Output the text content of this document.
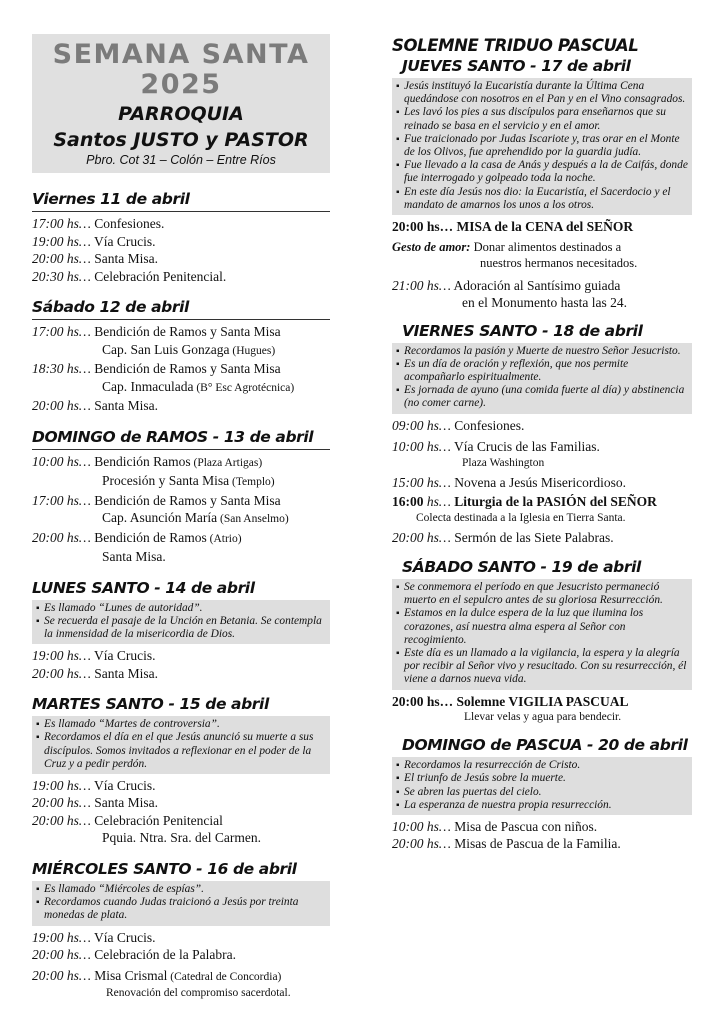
SEMANA SANTA
2025
PARROQUIA
Santos JUSTO y PASTOR
Pbro. Cot 31 – Colón – Entre Ríos
Viernes 11 de abril
17:00 hs… Confesiones.
19:00 hs… Vía Crucis.
20:00 hs… Santa Misa.
20:30 hs… Celebración Penitencial.
Sábado 12 de abril
17:00 hs… Bendición de Ramos y Santa Misa
Cap. San Luis Gonzaga (Hugues)
18:30 hs… Bendición de Ramos y Santa Misa
Cap. Inmaculada (B° Esc Agrotécnica)
20:00 hs… Santa Misa.
DOMINGO de RAMOS - 13 de abril
10:00 hs… Bendición Ramos (Plaza Artigas)
Procesión y Santa Misa (Templo)
17:00 hs… Bendición de Ramos y Santa Misa
Cap. Asunción María (San Anselmo)
20:00 hs… Bendición de Ramos (Atrio)
Santa Misa.
LUNES SANTO - 14 de abril
▪ Es llamado “Lunes de autoridad”.
▪ Se recuerda el pasaje de la Unción en Betania. Se contempla la inmensidad de la misericordia de Dios.
19:00 hs… Vía Crucis.
20:00 hs… Santa Misa.
MARTES SANTO - 15 de abril
▪ Es llamado “Martes de controversia”.
▪ Recordamos el día en el que Jesús anunció su muerte a sus discípulos. Somos invitados a reflexionar en el poder de la Cruz y a pedir perdón.
19:00 hs… Vía Crucis.
20:00 hs… Santa Misa.
20:00 hs… Celebración Penitencial
Pquia. Ntra. Sra. del Carmen.
MIÉRCOLES SANTO - 16 de abril
▪ Es llamado “Miércoles de espías”.
▪ Recordamos cuando Judas traicionó a Jesús por treinta monedas de plata.
19:00 hs… Vía Crucis.
20:00 hs… Celebración de la Palabra.
20:00 hs… Misa Crismal (Catedral de Concordia)
Renovación del compromiso sacerdotal.
SOLEMNE TRIDUO PASCUAL
JUEVES SANTO - 17 de abril
▪ Jesús instituyó la Eucaristía durante la Última Cena quedándose con nosotros en el Pan y en el Vino consagrados.
▪ Les lavó los pies a sus discípulos para enseñarnos que su reinado se basa en el servicio y en el amor.
▪ Fue traicionado por Judas Iscariote y, tras orar en el Monte de los Olivos, fue aprehendido por la guardia judía.
▪ Fue llevado a la casa de Anás y después a la de Caifás, donde fue interrogado y golpeado toda la noche.
▪ En este día Jesús nos dio: la Eucaristía, el Sacerdocio y el mandato de amarnos los unos a los otros.
20:00 hs… MISA de la CENA del SEÑOR
Gesto de amor: Donar alimentos destinados a
nuestros hermanos necesitados.
21:00 hs… Adoración al Santísimo guiada
en el Monumento hasta las 24.
VIERNES SANTO - 18 de abril
▪ Recordamos la pasión y Muerte de nuestro Señor Jesucristo.
▪ Es un día de oración y reflexión, que nos permite acompañarlo espiritualmente.
▪ Es jornada de ayuno (una comida fuerte al día) y abstinencia (no comer carne).
09:00 hs… Confesiones.
10:00 hs… Vía Crucis de las Familias.
Plaza Washington
15:00 hs… Novena a Jesús Misericordioso.
16:00 hs… Liturgia de la PASIÓN del SEÑOR
Colecta destinada a la Iglesia en Tierra Santa.
20:00 hs… Sermón de las Siete Palabras.
SÁBADO SANTO - 19 de abril
▪ Se conmemora el período en que Jesucristo permaneció muerto en el sepulcro antes de su gloriosa Resurrección.
▪ Estamos en la dulce espera de la luz que ilumina los corazones, así nuestra alma espera al Señor con recogimiento.
▪ Este día es un llamado a la vigilancia, la espera y la alegría por recibir al Señor vivo y resucitado. Con su resurrección, él viene a darnos nueva vida.
20:00 hs… Solemne VIGILIA PASCUAL
Llevar velas y agua para bendecir.
DOMINGO de PASCUA - 20 de abril
▪ Recordamos la resurrección de Cristo.
▪ El triunfo de Jesús sobre la muerte.
▪ Se abren las puertas del cielo.
▪ La esperanza de nuestra propia resurrección.
10:00 hs… Misa de Pascua con niños.
20:00 hs… Misas de Pascua de la Familia.
